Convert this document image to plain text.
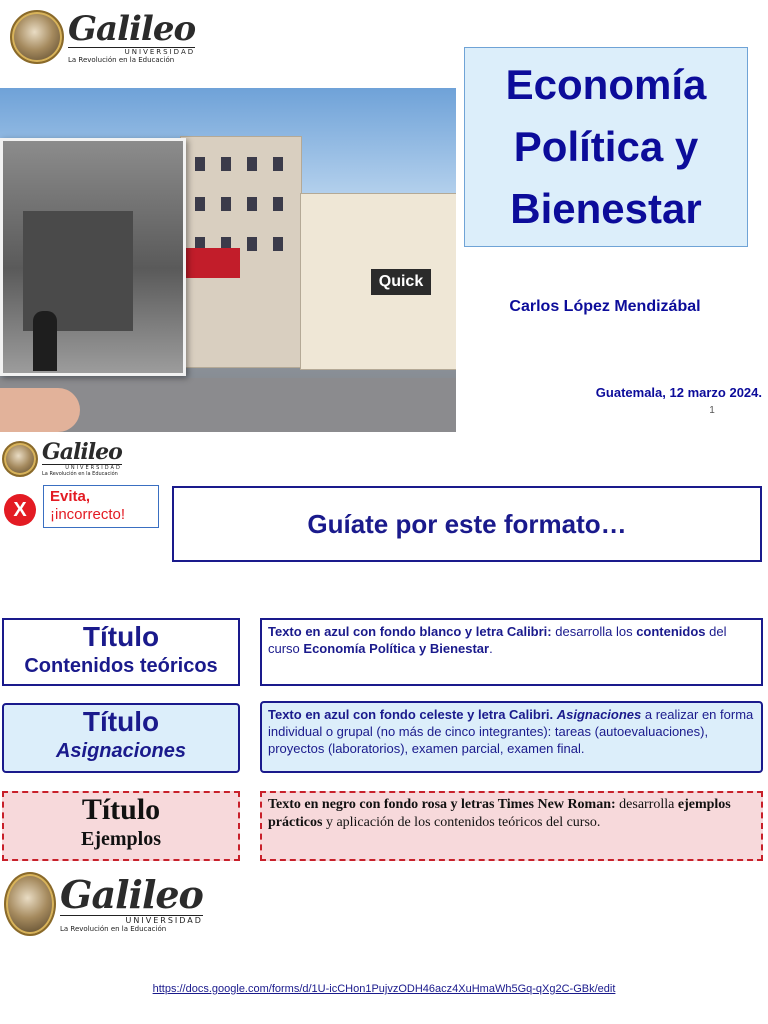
Galileo
UNIVERSIDAD
La Revolución en la Educación
Quick
Economía
Política y
Bienestar
Carlos López Mendizábal
Guatemala, 12 marzo 2024.
1
Galileo
UNIVERSIDAD
La Revolución en la Educación
X
Evita,
¡incorrecto!	Guíate por este formato…
Título
Contenidos teóricos
Texto en azul con fondo blanco y letra Calibri: desarrolla los contenidos del curso Economía Política y Bienestar.
Título
Asignaciones
Texto en azul con fondo celeste y letra Calibri. Asignaciones a realizar en forma individual o grupal (no más de cinco integrantes): tareas (autoevaluaciones), proyectos (laboratorios), examen parcial, examen final.
Título
Ejemplos
Texto en negro con fondo rosa y letras Times New Roman: desarrolla ejemplos prácticos y aplicación de los contenidos teóricos del curso.
Galileo
UNIVERSIDAD
La Revolución en la Educación
https://docs.google.com/forms/d/1U-icCHon1PujvzODH46acz4XuHmaWh5Gq-qXg2C-GBk/edit
